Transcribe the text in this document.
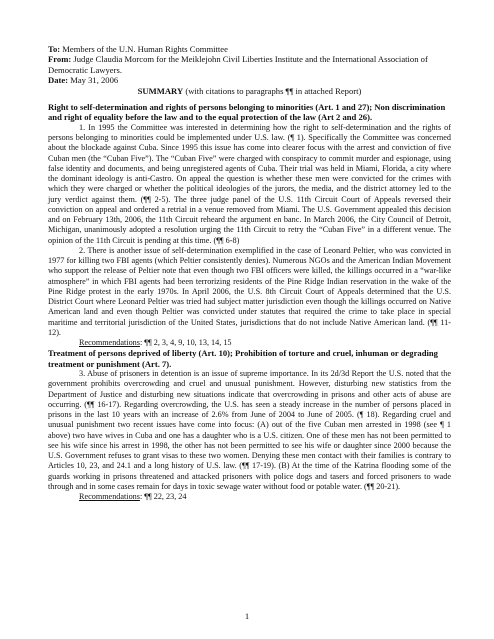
To: Members of the U.N. Human Rights Committee

From: Judge Claudia Morcom for the Meiklejohn Civil Liberties Institute and the International Association of Democratic Lawyers.

Date: May 31, 2006

SUMMARY (with citations to paragraphs ¶¶ in attached Report)

Right to self-determination and rights of persons belonging to minorities (Art. 1 and 27); Non discrimination and right of equality before the law and to the equal protection of the law (Art 2 and 26).

1. In 1995 the Committee was interested in determining how the right to self-determination and the rights of persons belonging to minorities could be implemented under U.S. law. (¶ 1). Specifically the Committee was concerned about the blockade against Cuba. Since 1995 this issue has come into clearer focus with the arrest and conviction of five Cuban men (the “Cuban Five”). The “Cuban Five” were charged with conspiracy to commit murder and espionage, using false identity and documents, and being unregistered agents of Cuba. Their trial was held in Miami, Florida, a city where the dominant ideology is anti-Castro. On appeal the question is whether these men were convicted for the crimes with which they were charged or whether the political ideologies of the jurors, the media, and the district attorney led to the jury verdict against them. (¶¶ 2-5). The three judge panel of the U.S. 11th Circuit Court of Appeals reversed their conviction on appeal and ordered a retrial in a venue removed from Miami. The U.S. Government appealed this decision and on February 13th, 2006, the 11th Circuit reheard the argument en banc. In March 2006, the City Council of Detroit, Michigan, unanimously adopted a resolution urging the 11th Circuit to retry the “Cuban Five” in a different venue. The opinion of the 11th Circuit is pending at this time. (¶¶ 6-8)

2. There is another issue of self-determination exemplified in the case of Leonard Peltier, who was convicted in 1977 for killing two FBI agents (which Peltier consistently denies). Numerous NGOs and the American Indian Movement who support the release of Peltier note that even though two FBI officers were killed, the killings occurred in a “war-like atmosphere” in which FBI agents had been terrorizing residents of the Pine Ridge Indian reservation in the wake of the Pine Ridge protest in the early 1970s. In April 2006, the U.S. 8th Circuit Court of Appeals determined that the U.S. District Court where Leonard Peltier was tried had subject matter jurisdiction even though the killings occurred on Native American land and even though Peltier was convicted under statutes that required the crime to take place in special maritime and territorial jurisdiction of the United States, jurisdictions that do not include Native American land. (¶¶ 11-12).

Recommendations: ¶¶ 2, 3, 4, 9, 10, 13, 14, 15

Treatment of persons deprived of liberty (Art. 10); Prohibition of torture and cruel, inhuman or degrading treatment or punishment (Art. 7).

3. Abuse of prisoners in detention is an issue of supreme importance. In its 2d/3d Report the U.S. noted that the government prohibits overcrowding and cruel and unusual punishment. However, disturbing new statistics from the Department of Justice and disturbing new situations indicate that overcrowding in prisons and other acts of abuse are occurring. (¶¶ 16-17). Regarding overcrowding, the U.S. has seen a steady increase in the number of persons placed in prisons in the last 10 years with an increase of 2.6% from June of 2004 to June of 2005. (¶ 18). Regarding cruel and unusual punishment two recent issues have come into focus: (A) out of the five Cuban men arrested in 1998 (see ¶ 1 above) two have wives in Cuba and one has a daughter who is a U.S. citizen. One of these men has not been permitted to see his wife since his arrest in 1998, the other has not been permitted to see his wife or daughter since 2000 because the U.S. Government refuses to grant visas to these two women. Denying these men contact with their families is contrary to Articles 10, 23, and 24.1 and a long history of U.S. law. (¶¶ 17-19). (B) At the time of the Katrina flooding some of the guards working in prisons threatened and attacked prisoners with police dogs and tasers and forced prisoners to wade through and in some cases remain for days in toxic sewage water without food or potable water. (¶¶ 20-21).

Recommendations: ¶¶ 22, 23, 24

1
